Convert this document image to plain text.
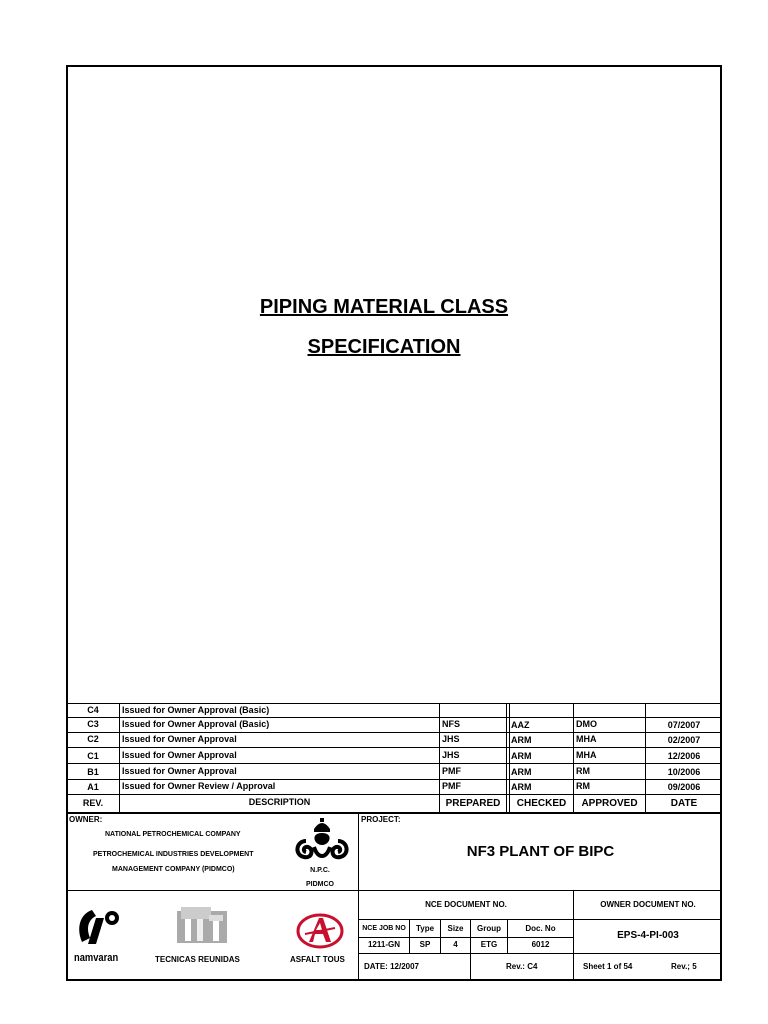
PIPING MATERIAL CLASS
SPECIFICATION
C4	Issued for Owner Approval (Basic)
C3	Issued for Owner Approval (Basic)	NFS	AAZ	DMO	07/2007
C2	Issued for Owner Approval	JHS	ARM	MHA	02/2007
C1	Issued for Owner Approval	JHS	ARM	MHA	12/2006
B1	Issued for Owner Approval	PMF	ARM	RM	10/2006
A1	Issued for Owner Review / Approval	PMF	ARM	RM	09/2006
REV.	DESCRIPTION	PREPARED	CHECKED	APPROVED	DATE
OWNER:
NATIONAL PETROCHEMICAL COMPANY
PETROCHEMICAL INDUSTRIES DEVELOPMENT
MANAGEMENT COMPANY (PIDMCO)	N.P.C.
PIDMCO
PROJECT:
NF3 PLANT OF BIPC
namvaran	TECNICAS REUNIDAS	ASFALT TOUS
NCE DOCUMENT NO.	OWNER DOCUMENT NO.
NCE JOB NO	Type	Size	Group	Doc. No
1211-GN	SP	4	ETG	6012
EPS-4-PI-003
DATE: 12/2007	Rev.: C4	Sheet 1 of 54	Rev.; 5
